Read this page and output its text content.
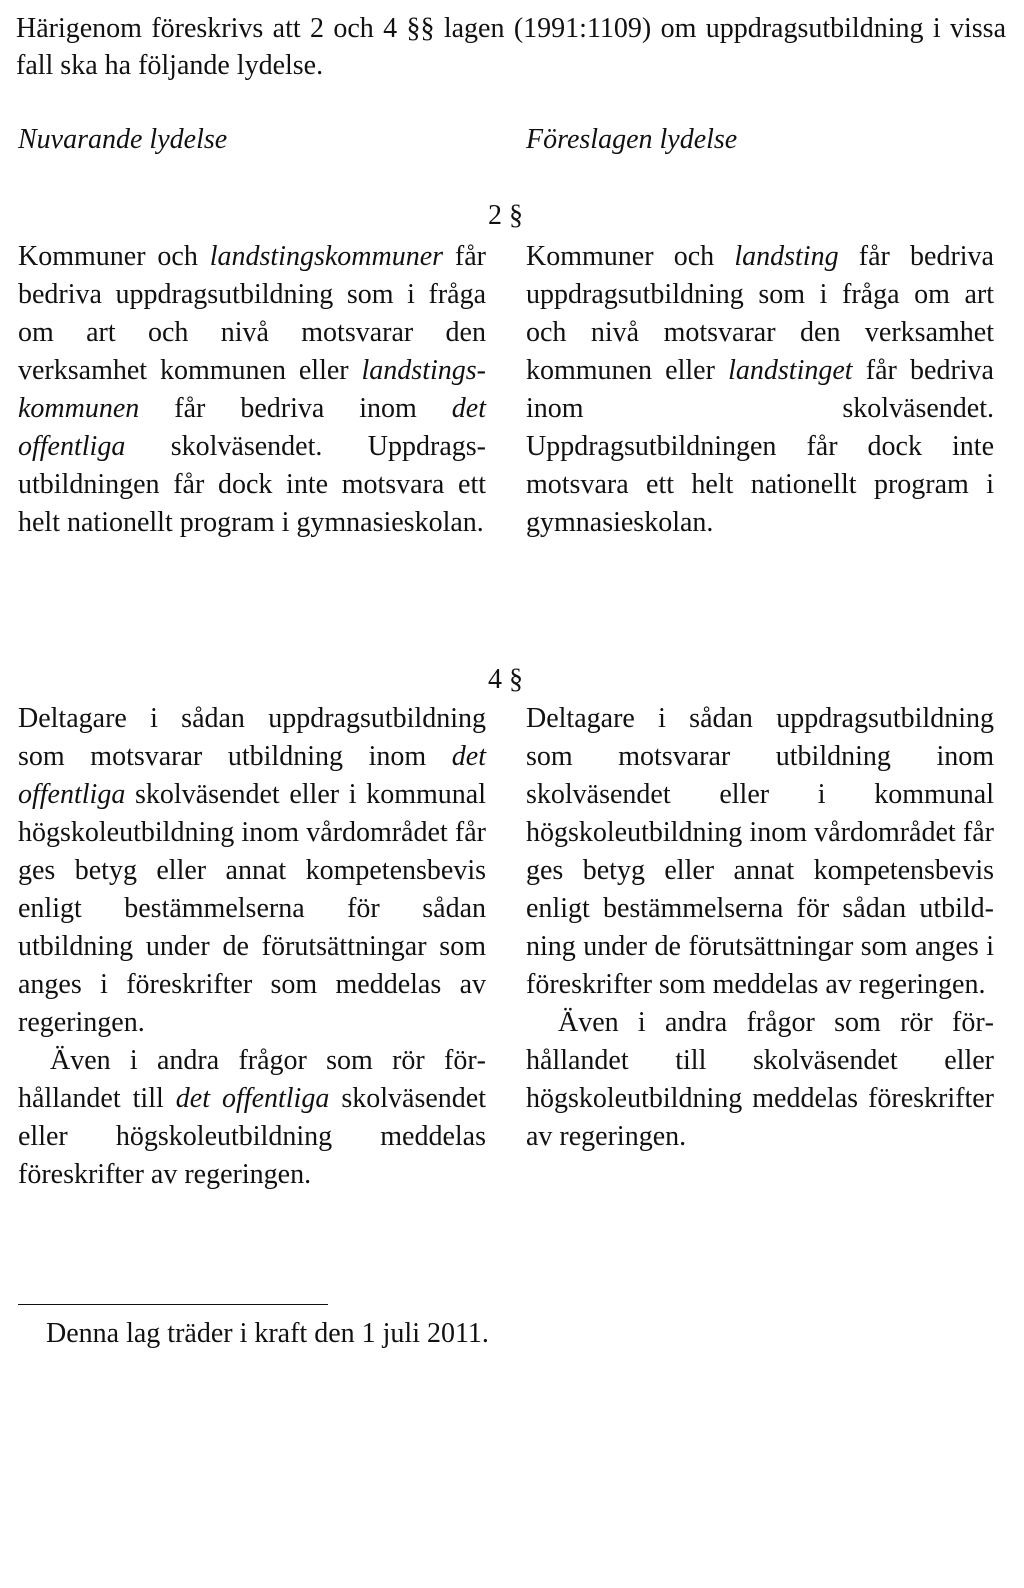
Härigenom föreskrivs att 2 och 4 §§ lagen (1991:1109) om uppdragsutbildning i vissa fall ska ha följande lydelse.
Nuvarande lydelse	Föreslagen lydelse
2 §

Kommuner och landstingskommuner får bedriva uppdragsutbildning som i fråga om art och nivå motsvarar den verksamhet kommunen eller landstingskommunen får bedriva inom det offentliga skolväsendet. Uppdragsutbildningen får dock inte motsvara ett helt nationellt program i gymnasieskolan.

Kommuner och landsting får bedriva uppdragsutbildning som i fråga om art och nivå motsvarar den verksamhet kommunen eller landstinget får bedriva inom skolväsendet. Uppdragsutbildningen får dock inte motsvara ett helt nationellt program i gymnasieskolan.

4 §

Deltagare i sådan uppdragsutbildning som motsvarar utbildning inom det offentliga skolväsendet eller i kommunal högskoleutbildning inom vårdområdet får ges betyg eller annat kompetensbevis enligt bestämmelserna för sådan utbildning under de förutsättningar som anges i föreskrifter som meddelas av regeringen.

Även i andra frågor som rör förhållandet till det offentliga skolväsendet eller högskoleutbildning meddelas föreskrifter av regeringen.

Deltagare i sådan uppdragsutbildning som motsvarar utbildning inom skolväsendet eller i kommunal högskoleutbildning inom vårdområdet får ges betyg eller annat kompetensbevis enligt bestämmelserna för sådan utbildning under de förutsättningar som anges i föreskrifter som meddelas av regeringen.

Även i andra frågor som rör förhållandet till skolväsendet eller högskoleutbildning meddelas föreskrifter av regeringen.

Denna lag träder i kraft den 1 juli 2011.
